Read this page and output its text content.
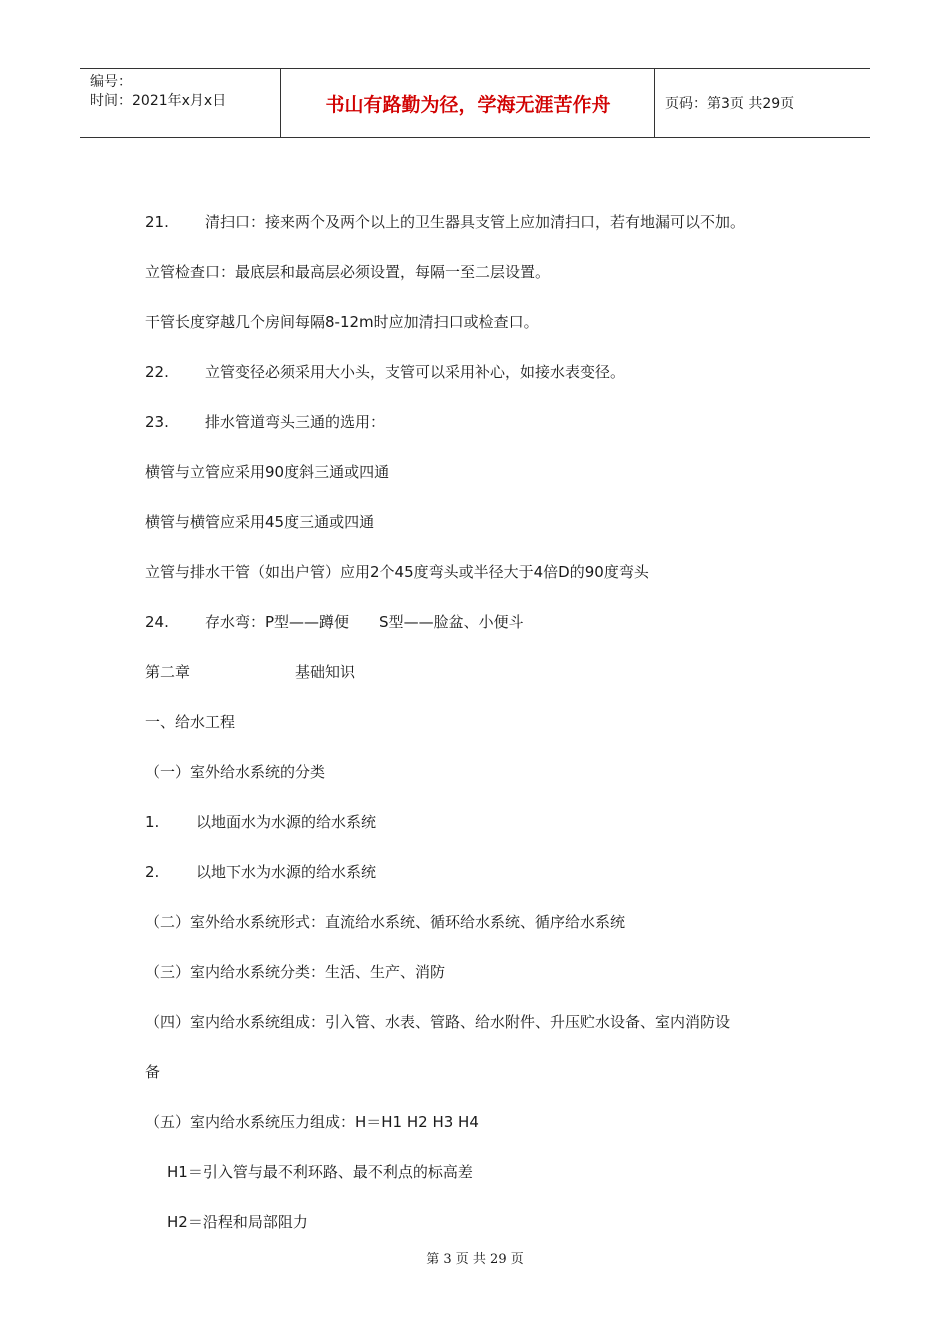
编号：
时间：2021年x月x日	书山有路勤为径，学海无涯苦作舟	页码：第3页 共29页
21. 清扫口：接来两个及两个以上的卫生器具支管上应加清扫口，若有地漏可以不加。
立管检查口：最底层和最高层必须设置，每隔一至二层设置。
干管长度穿越几个房间每隔8-12m时应加清扫口或检查口。
22. 立管变径必须采用大小头，支管可以采用补心，如接水表变径。
23. 排水管道弯头三通的选用：
横管与立管应采用90度斜三通或四通
横管与横管应采用45度三通或四通
立管与排水干管（如出户管）应用2个45度弯头或半径大于4倍D的90度弯头
24. 存水弯：P型——蹲便　　S型——脸盆、小便斗
第二章　　　　　　　基础知识
一、给水工程
（一）室外给水系统的分类
1. 以地面水为水源的给水系统
2. 以地下水为水源的给水系统
（二）室外给水系统形式：直流给水系统、循环给水系统、循序给水系统
（三）室内给水系统分类：生活、生产、消防
（四）室内给水系统组成：引入管、水表、管路、给水附件、升压贮水设备、室内消防设
备
（五）室内给水系统压力组成：H＝H1 H2 H3 H4
H1＝引入管与最不利环路、最不利点的标高差
H2＝沿程和局部阻力
第 3 页 共 29 页
